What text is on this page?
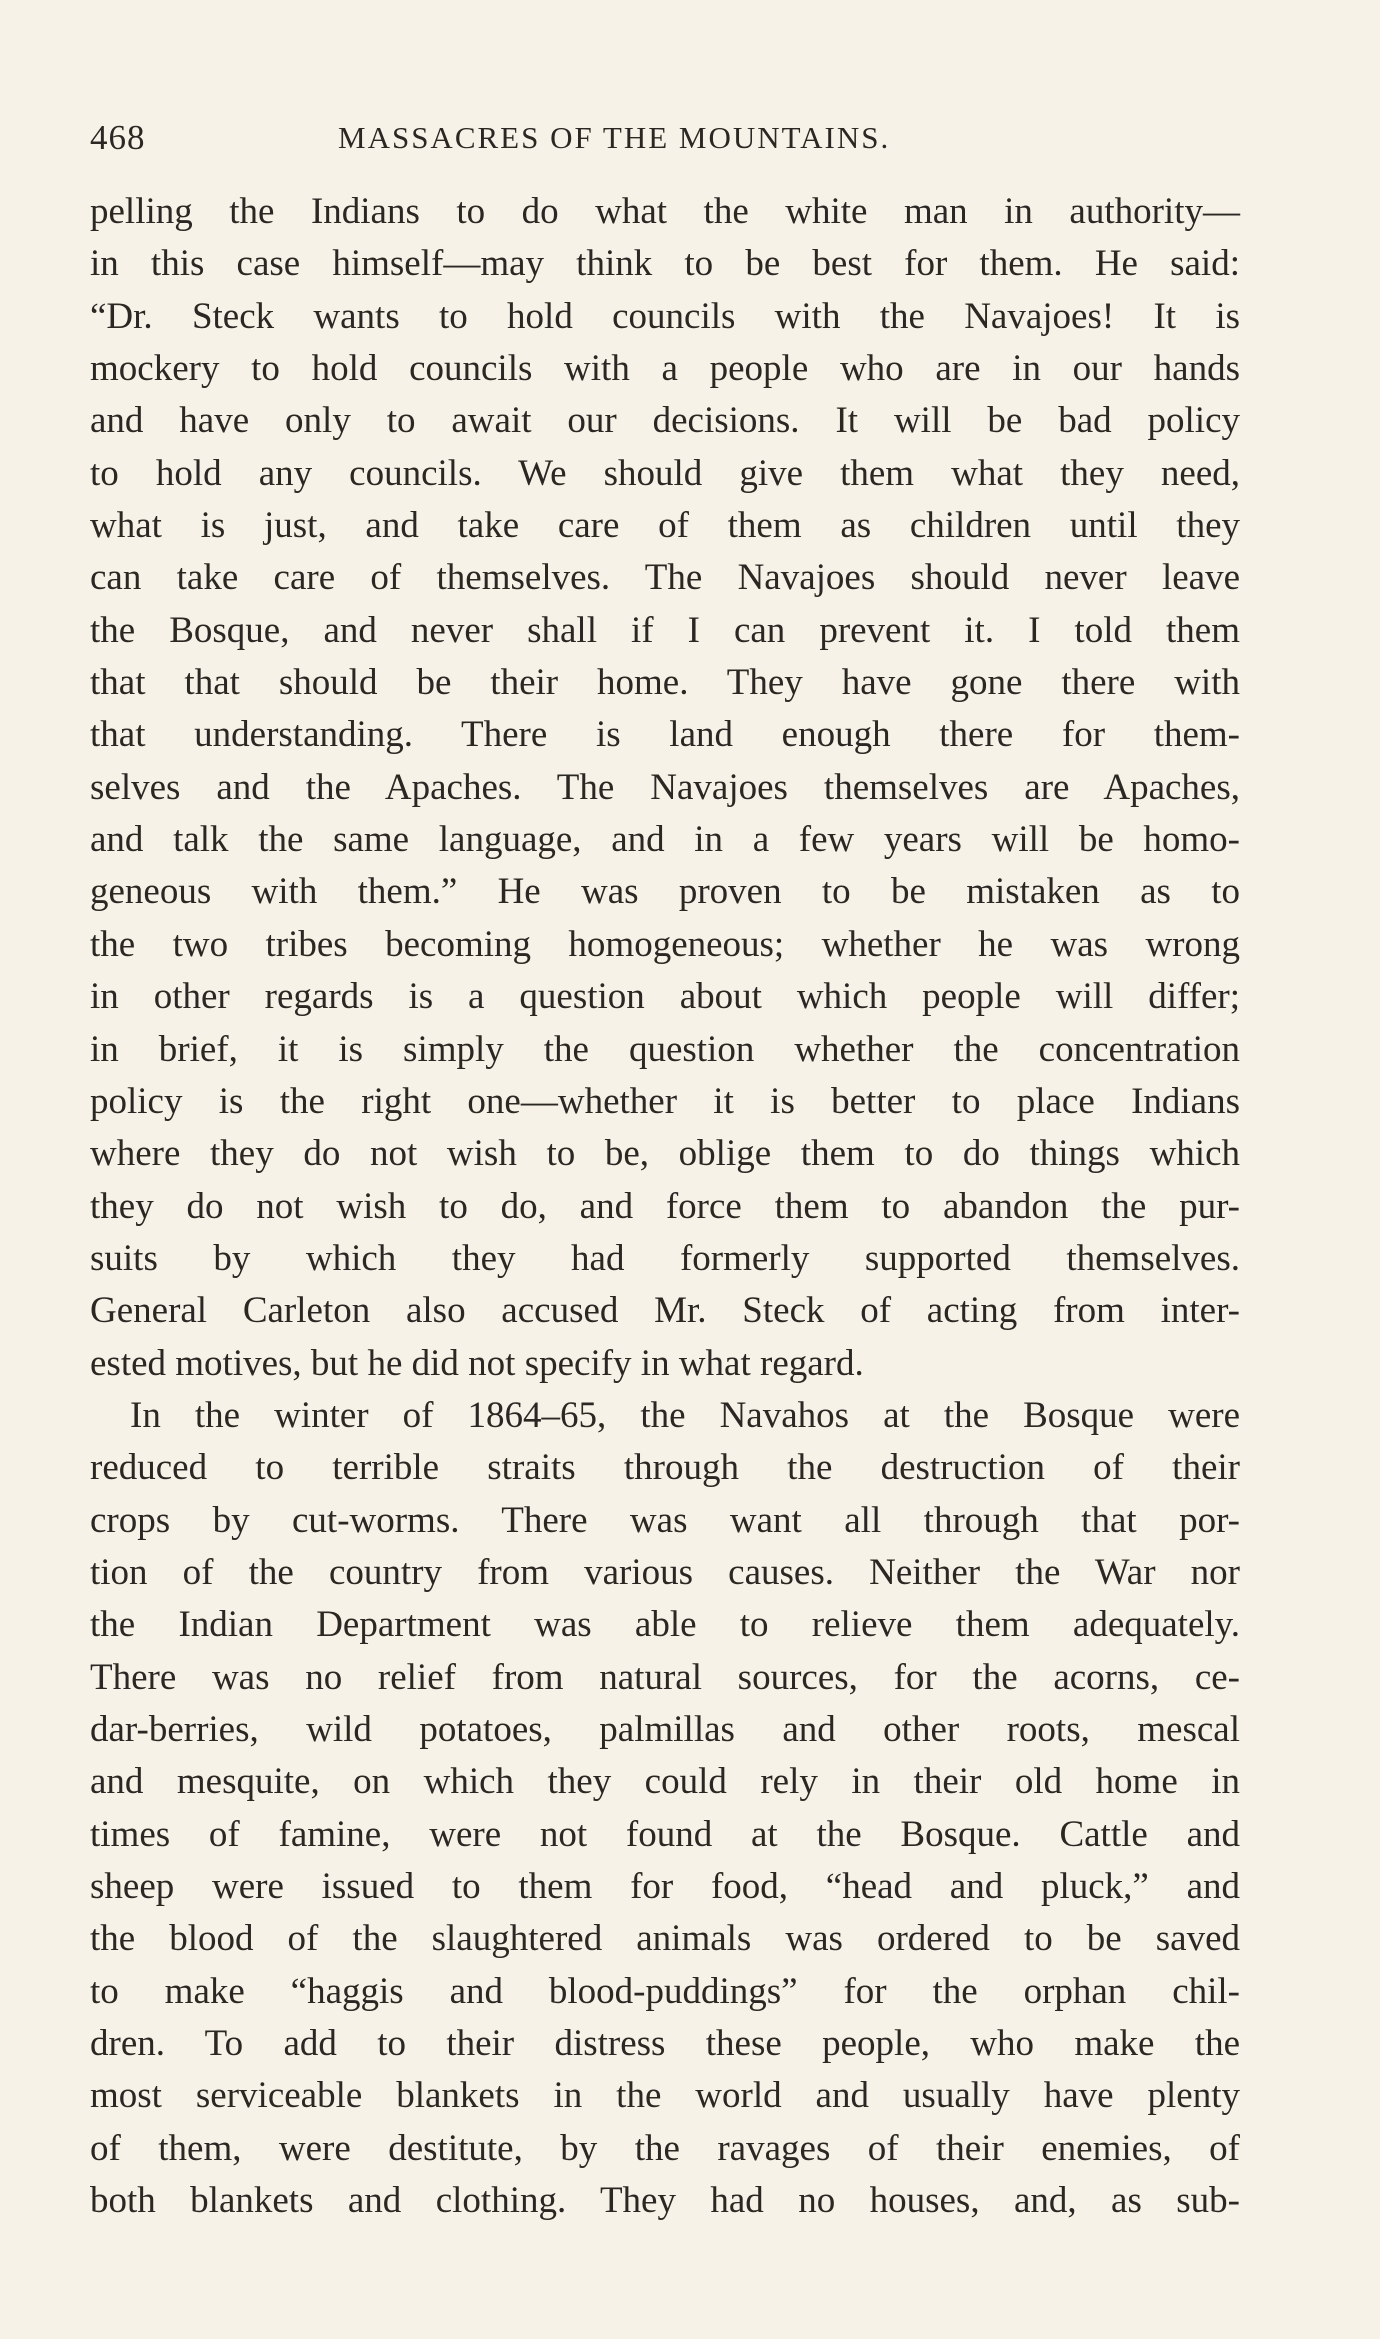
468	MASSACRES OF THE MOUNTAINS.
pelling the Indians to do what the white man in authority—
in this case himself—may think to be best for them. He said:
“Dr. Steck wants to hold councils with the Navajoes! It is
mockery to hold councils with a people who are in our hands
and have only to await our decisions. It will be bad policy
to hold any councils. We should give them what they need,
what is just, and take care of them as children until they
can take care of themselves. The Navajoes should never leave
the Bosque, and never shall if I can prevent it. I told them
that that should be their home. They have gone there with
that understanding. There is land enough there for them-
selves and the Apaches. The Navajoes themselves are Apaches,
and talk the same language, and in a few years will be homo-
geneous with them.” He was proven to be mistaken as to
the two tribes becoming homogeneous; whether he was wrong
in other regards is a question about which people will differ;
in brief, it is simply the question whether the concentration
policy is the right one—whether it is better to place Indians
where they do not wish to be, oblige them to do things which
they do not wish to do, and force them to abandon the pur-
suits by which they had formerly supported themselves.
General Carleton also accused Mr. Steck of acting from inter-
ested motives, but he did not specify in what regard.
In the winter of 1864–65, the Navahos at the Bosque were
reduced to terrible straits through the destruction of their
crops by cut-worms. There was want all through that por-
tion of the country from various causes. Neither the War nor
the Indian Department was able to relieve them adequately.
There was no relief from natural sources, for the acorns, ce-
dar-berries, wild potatoes, palmillas and other roots, mescal
and mesquite, on which they could rely in their old home in
times of famine, were not found at the Bosque. Cattle and
sheep were issued to them for food, “head and pluck,” and
the blood of the slaughtered animals was ordered to be saved
to make “haggis and blood-puddings” for the orphan chil-
dren. To add to their distress these people, who make the
most serviceable blankets in the world and usually have plenty
of them, were destitute, by the ravages of their enemies, of
both blankets and clothing. They had no houses, and, as sub-
